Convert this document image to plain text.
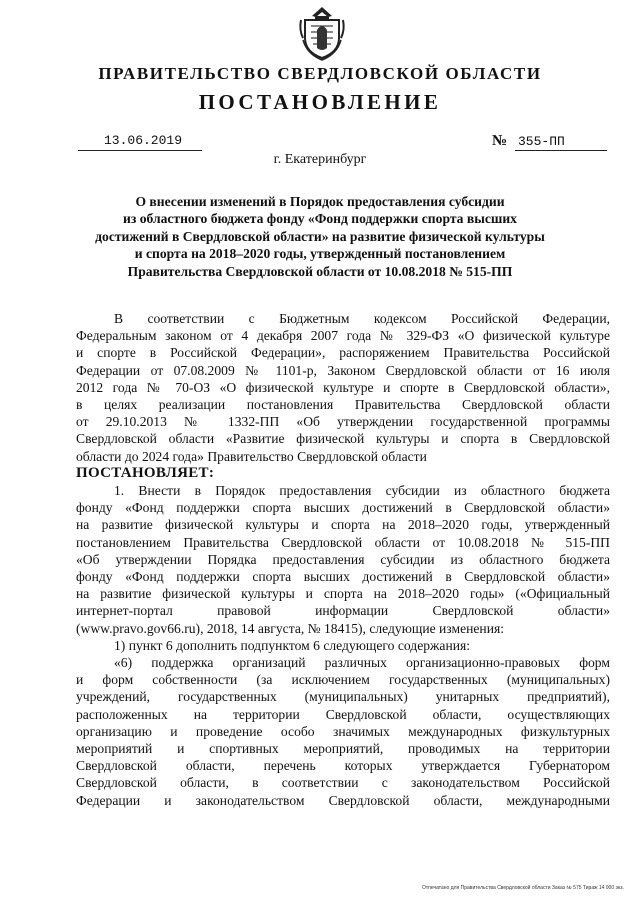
ПРАВИТЕЛЬСТВО СВЕРДЛОВСКОЙ ОБЛАСТИ
ПОСТАНОВЛЕНИЕ
13.06.2019	№ 355-ПП
г. Екатеринбург
О внесении изменений в Порядок предоставления субсидии
из областного бюджета фонду «Фонд поддержки спорта высших
достижений в Свердловской области» на развитие физической культуры
и спорта на 2018–2020 годы, утвержденный постановлением
Правительства Свердловской области от 10.08.2018 № 515-ПП
В соответствии с Бюджетным кодексом Российской Федерации,
Федеральным законом от 4 декабря 2007 года № 329-ФЗ «О физической культуре
и спорте в Российской Федерации», распоряжением Правительства Российской
Федерации от 07.08.2009 № 1101-р, Законом Свердловской области от 16 июля
2012 года № 70-ОЗ «О физической культуре и спорте в Свердловской области»,
в целях реализации постановления Правительства Свердловской области
от 29.10.2013 № 1332-ПП «Об утверждении государственной программы
Свердловской области «Развитие физической культуры и спорта в Свердловской
области до 2024 года» Правительство Свердловской области
ПОСТАНОВЛЯЕТ:
1. Внести в Порядок предоставления субсидии из областного бюджета
фонду «Фонд поддержки спорта высших достижений в Свердловской области»
на развитие физической культуры и спорта на 2018–2020 годы, утвержденный
постановлением Правительства Свердловской области от 10.08.2018 № 515-ПП
«Об утверждении Порядка предоставления субсидии из областного бюджета
фонду «Фонд поддержки спорта высших достижений в Свердловской области»
на развитие физической культуры и спорта на 2018–2020 годы» («Официальный
интернет-портал правовой информации Свердловской области»
(www.pravo.gov66.ru), 2018, 14 августа, № 18415), следующие изменения:
1) пункт 6 дополнить подпунктом 6 следующего содержания:
«6) поддержка организаций различных организационно-правовых форм
и форм собственности (за исключением государственных (муниципальных)
учреждений, государственных (муниципальных) унитарных предприятий),
расположенных на территории Свердловской области, осуществляющих
организацию и проведение особо значимых международных физкультурных
мероприятий и спортивных мероприятий, проводимых на территории
Свердловской области, перечень которых утверждается Губернатором
Свердловской области, в соответствии с законодательством Российской
Федерации и законодательством Свердловской области, международными
Отпечатано для Правительства Свердловской области Заказ № 575 Тираж 14 000 экз.
